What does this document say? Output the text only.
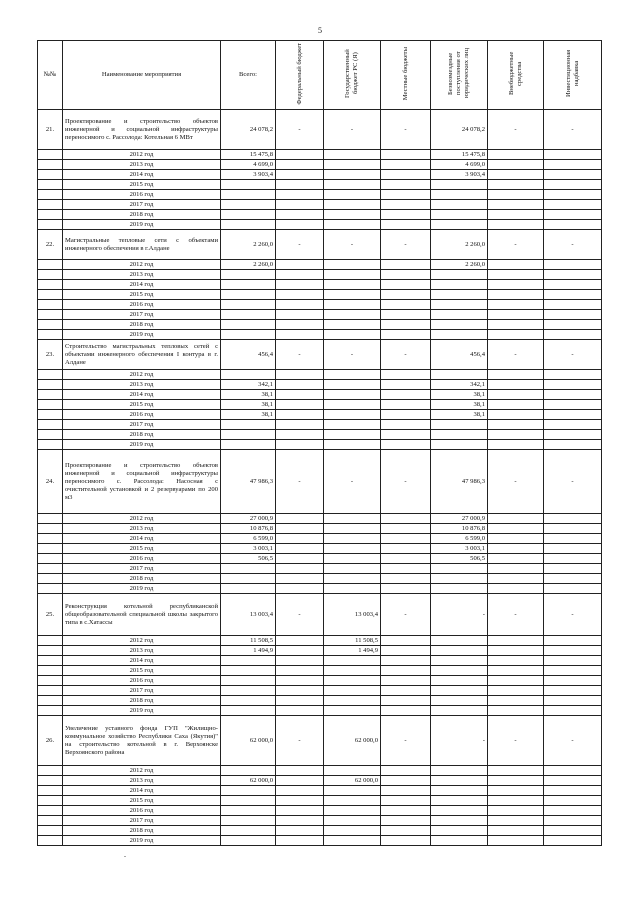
5
№№	Наименование мероприятия	Всего:	Федеральный бюджет	Государственный бюджет РС (Я)	Местные бюджеты	Безвозмездные поступления от юридических лиц	Внебюджетные средства	Инвестиционная надбавка
21.	Проектирование и строительство объектов инженерной и социальной инфраструктуры переносимого с. Рассолода: Котельная 6 МВт	24 078,2	-	-	-	24 078,2	-	-
	2012 год	15 475,8				15 475,8		
	2013 год	4 699,0				4 699,0		
	2014 год	3 903,4				3 903,4		
	2015 год							
	2016 год							
	2017 год							
	2018 год							
	2019 год							
22.	Магистральные тепловые сети с объектами инженерного обеспечения в г.Алдане	2 260,0	-	-	-	2 260,0	-	-
	2012 год	2 260,0				2 260,0		
	2013 год							
	2014 год							
	2015 год							
	2016 год							
	2017 год							
	2018 год							
	2019 год							
23.	Строительство магистральных тепловых сетей с объектами инженерного обеспечения I контура в г. Алдане	456,4	-	-	-	456,4	-	-
	2012 год							
	2013 год	342,1				342,1		
	2014 год	38,1				38,1		
	2015 год	38,1				38,1		
	2016 год	38,1				38,1		
	2017 год							
	2018 год							
	2019 год							
24.	Проектирование и строительство объектов инженерной и социальной инфраструктуры переносимого с. Рассолода: Насосная с очистительной установкой и 2 резервуарами по 200 м3	47 986,3	-	-	-	47 986,3	-	-
	2012 год	27 000,9				27 000,9		
	2013 год	10 876,8				10 876,8		
	2014 год	6 599,0				6 599,0		
	2015 год	3 003,1				3 003,1		
	2016 год	506,5				506,5		
	2017 год							
	2018 год							
	2019 год							
25.	Реконструкция котельной республиканской общеобразовательной специальной школы закрытого типа в с.Хатассы	13 003,4	-	13 003,4	-	-	-	-
	2012 год	11 508,5		11 508,5				
	2013 год	1 494,9		1 494,9				
	2014 год							
	2015 год							
	2016 год							
	2017 год							
	2018 год							
	2019 год							
26.	Увеличение уставного фонда ГУП "Жилищно-коммунальное хозяйство Республики Саха (Якутия)" на строительство котельной в г. Верхоянске Верхоянского района	62 000,0	-	62 000,0	-	-	-	-
	2012 год							
	2013 год	62 000,0		62 000,0				
	2014 год							
	2015 год							
	2016 год							
	2017 год							
	2018 год							
	2019 год							
.
